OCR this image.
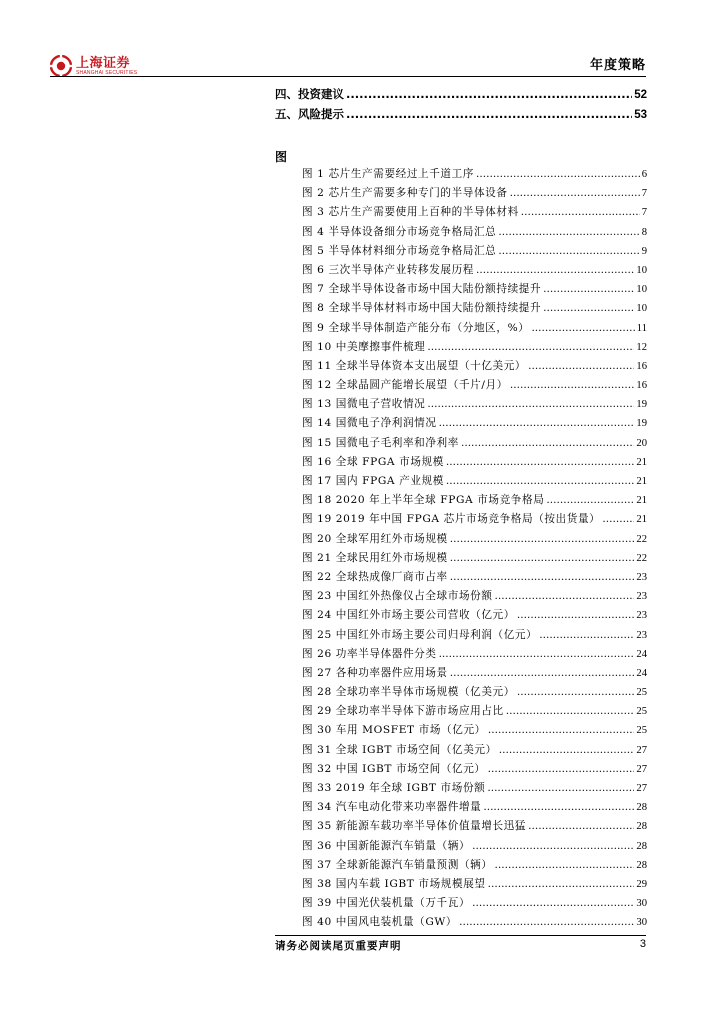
上海证券
SHANGHAI SECURITIES	年度策略
四、投资建议 .....	52
五、风险提示 .....	53
图
图 1 芯片生产需要经过上千道工序 .....	6
图 2 芯片生产需要多种专门的半导体设备 .....	7
图 3 芯片生产需要使用上百种的半导体材料 .....	7
图 4 半导体设备细分市场竞争格局汇总 .....	8
图 5 半导体材料细分市场竞争格局汇总 .....	9
图 6 三次半导体产业转移发展历程 .....	10
图 7 全球半导体设备市场中国大陆份额持续提升 .....	10
图 8 全球半导体材料市场中国大陆份额持续提升 .....	10
图 9 全球半导体制造产能分布（分地区，%） .....	11
图 10 中美摩擦事件梳理 .....	12
图 11 全球半导体资本支出展望（十亿美元） .....	16
图 12 全球晶圆产能增长展望（千片/月） .....	16
图 13 国微电子营收情况 .....	19
图 14 国微电子净利润情况 .....	19
图 15 国微电子毛利率和净利率 .....	20
图 16 全球 FPGA 市场规模 .....	21
图 17 国内 FPGA 产业规模 .....	21
图 18 2020 年上半年全球 FPGA 市场竞争格局 .....	21
图 19 2019 年中国 FPGA 芯片市场竞争格局（按出货量） .....	21
图 20 全球军用红外市场规模 .....	22
图 21 全球民用红外市场规模 .....	22
图 22 全球热成像厂商市占率 .....	23
图 23 中国红外热像仪占全球市场份额 .....	23
图 24 中国红外市场主要公司营收（亿元） .....	23
图 25 中国红外市场主要公司归母利润（亿元） .....	23
图 26 功率半导体器件分类 .....	24
图 27 各种功率器件应用场景 .....	24
图 28 全球功率半导体市场规模（亿美元） .....	25
图 29 全球功率半导体下游市场应用占比 .....	25
图 30 车用 MOSFET 市场（亿元） .....	25
图 31 全球 IGBT 市场空间（亿美元） .....	27
图 32 中国 IGBT 市场空间（亿元） .....	27
图 33 2019 年全球 IGBT 市场份额 .....	27
图 34 汽车电动化带来功率器件增量 .....	28
图 35 新能源车载功率半导体价值量增长迅猛 .....	28
图 36 中国新能源汽车销量（辆） .....	28
图 37 全球新能源汽车销量预测（辆） .....	28
图 38 国内车载 IGBT 市场规模展望 .....	29
图 39 中国光伏装机量（万千瓦） .....	30
图 40 中国风电装机量（GW） .....	30
请务必阅读尾页重要声明	3
